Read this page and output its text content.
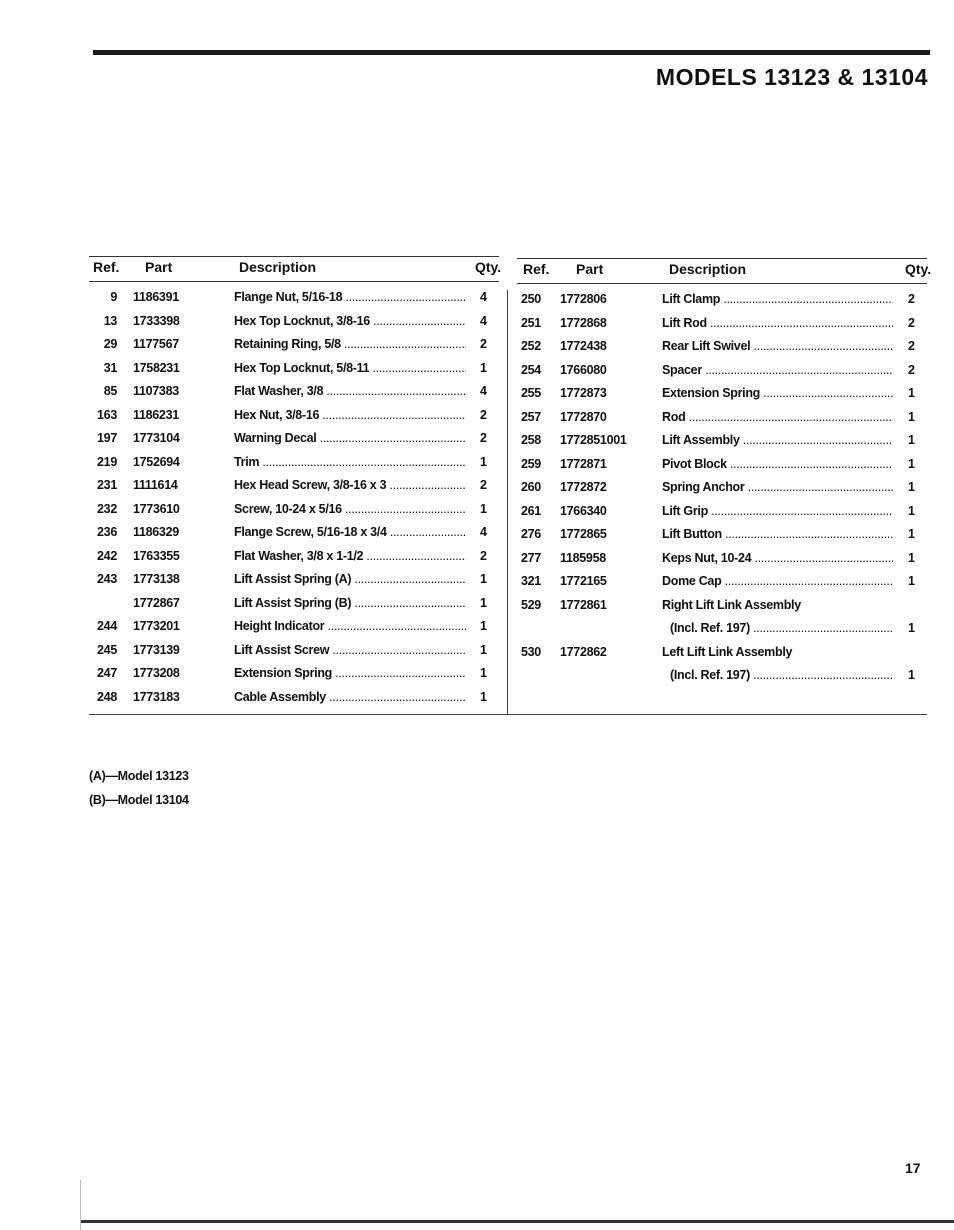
MODELS 13123 & 13104
Ref. Part	Description	Qty.
9 1186391	Flange Nut, 5/16-18 .....	4
13 1733398	Hex Top Locknut, 3/8-16 .....	4
29 1177567	Retaining Ring, 5/8 .....	2
31 1758231	Hex Top Locknut, 5/8-11 .....	1
85 1107383	Flat Washer, 3/8 .....	4
163 1186231	Hex Nut, 3/8-16 .....	2
197 1773104	Warning Decal .....	2
219 1752694	Trim .....	1
231 1111614	Hex Head Screw, 3/8-16 x 3 .....	2
232 1773610	Screw, 10-24 x 5/16 .....	1
236 1186329	Flange Screw, 5/16-18 x 3/4 .....	4
242 1763355	Flat Washer, 3/8 x 1-1/2 .....	2
243 1773138	Lift Assist Spring (A) .....	1
1772867	Lift Assist Spring (B) .....	1
244 1773201	Height Indicator .....	1
245 1773139	Lift Assist Screw .....	1
247 1773208	Extension Spring .....	1
248 1773183	Cable Assembly .....	1
Ref. Part	Description	Qty.
250	1772806	Lift Clamp .....	2
251	1772868	Lift Rod .....	2
252	1772438	Rear Lift Swivel .....	2
254	1766080	Spacer .....	2
255	1772873	Extension Spring .....	1
257	1772870	Rod .....	1
258	1772851001	Lift Assembly .....	1
259	1772871	Pivot Block .....	1
260	1772872	Spring Anchor .....	1
261	1766340	Lift Grip .....	1
276	1772865	Lift Button .....	1
277	1185958	Keps Nut, 10-24 .....	1
321	1772165	Dome Cap .....	1
529	1772861	Right Lift Link Assembly
(Incl. Ref. 197) .....	1
530	1772862	Left Lift Link Assembly
(Incl. Ref. 197) .....	1
(A)—Model 13123
(B)—Model 13104
17
